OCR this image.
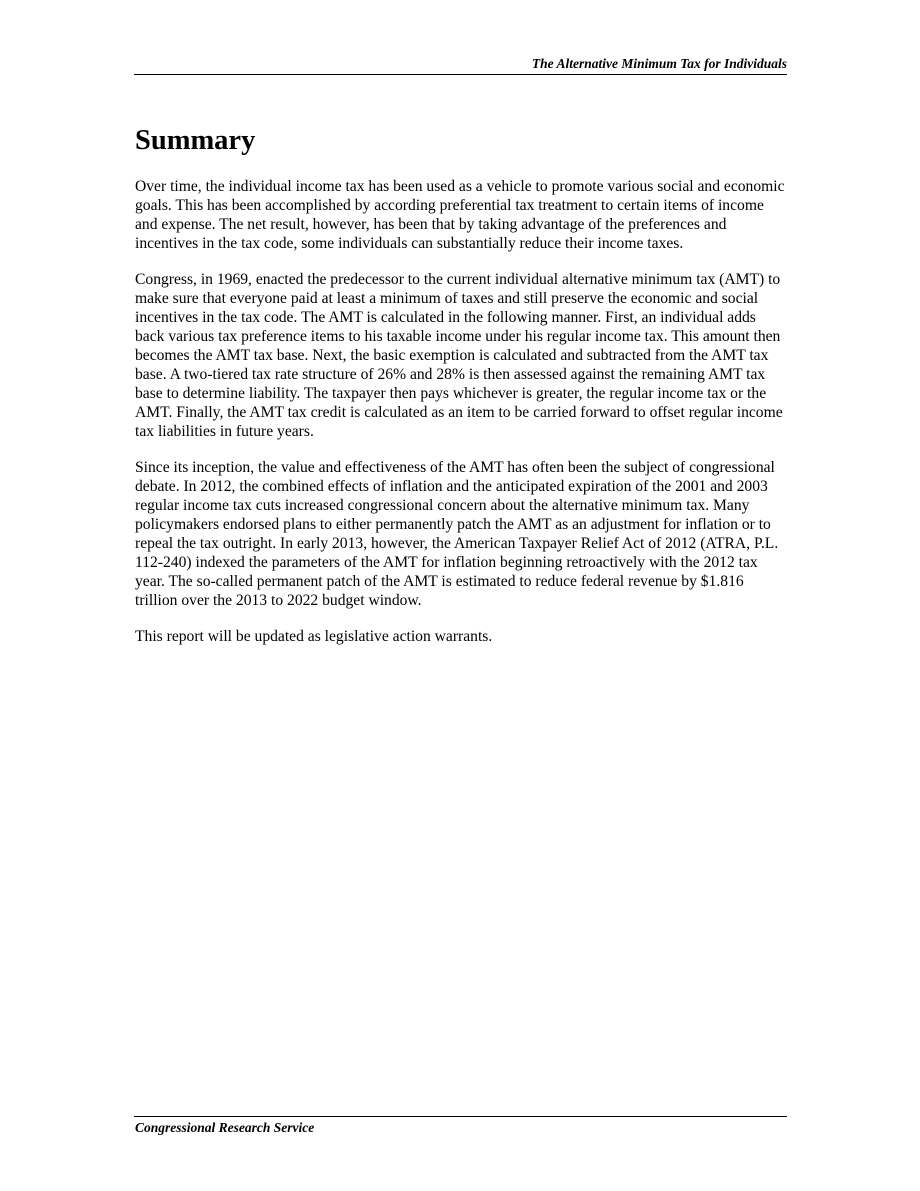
The Alternative Minimum Tax for Individuals
Summary

Over time, the individual income tax has been used as a vehicle to promote various social and economic goals. This has been accomplished by according preferential tax treatment to certain items of income and expense. The net result, however, has been that by taking advantage of the preferences and incentives in the tax code, some individuals can substantially reduce their income taxes.

Congress, in 1969, enacted the predecessor to the current individual alternative minimum tax (AMT) to make sure that everyone paid at least a minimum of taxes and still preserve the economic and social incentives in the tax code. The AMT is calculated in the following manner. First, an individual adds back various tax preference items to his taxable income under his regular income tax. This amount then becomes the AMT tax base. Next, the basic exemption is calculated and subtracted from the AMT tax base. A two-tiered tax rate structure of 26% and 28% is then assessed against the remaining AMT tax base to determine liability. The taxpayer then pays whichever is greater, the regular income tax or the AMT. Finally, the AMT tax credit is calculated as an item to be carried forward to offset regular income tax liabilities in future years.

Since its inception, the value and effectiveness of the AMT has often been the subject of congressional debate. In 2012, the combined effects of inflation and the anticipated expiration of the 2001 and 2003 regular income tax cuts increased congressional concern about the alternative minimum tax. Many policymakers endorsed plans to either permanently patch the AMT as an adjustment for inflation or to repeal the tax outright. In early 2013, however, the American Taxpayer Relief Act of 2012 (ATRA, P.L. 112-240) indexed the parameters of the AMT for inflation beginning retroactively with the 2012 tax year. The so-called permanent patch of the AMT is estimated to reduce federal revenue by $1.816 trillion over the 2013 to 2022 budget window.

This report will be updated as legislative action warrants.

Congressional Research Service
